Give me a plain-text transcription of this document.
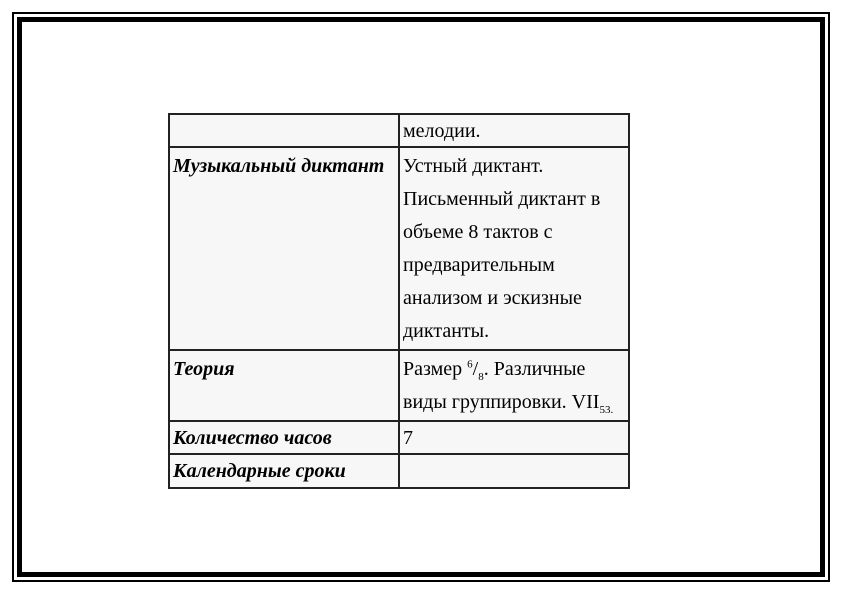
	мелодии.
Музыкальный диктант	Устный диктант. Письменный диктант в объеме 8 тактов с предварительным анализом и эскизные диктанты.
Теория	Размер $^6/_8$. Различные виды группировки. $VII_{53.}$
Количество часов	7
Календарные сроки	
